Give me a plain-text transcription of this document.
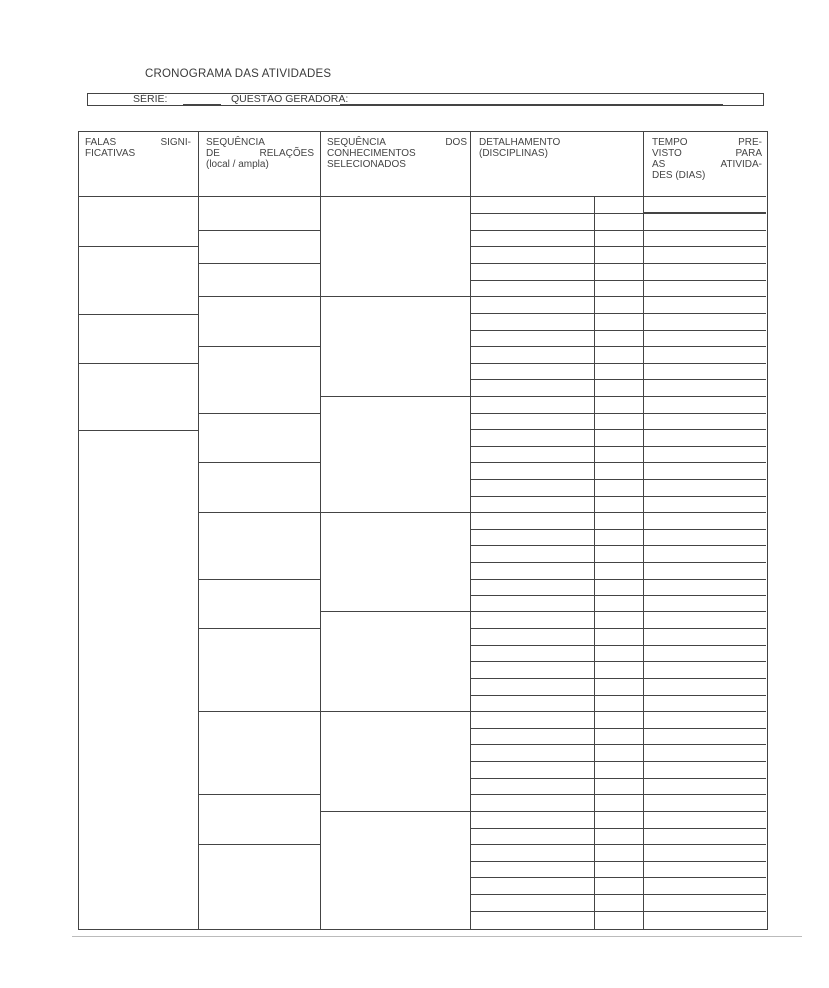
CRONOGRAMA DAS ATIVIDADES
SÉRIE:	QUESTÃO GERADORA:
FALAS SIGNI-
FICATIVAS
SEQUÊNCIA
DE RELAÇÕES
(local / ampla)
SEQUÊNCIA DOS
CONHECIMENTOS
SELECIONADOS
DETALHAMENTO
(DISCIPLINAS)
TEMPO PRE-
VISTO PARA
AS ATIVIDA-
DES (DIAS)
